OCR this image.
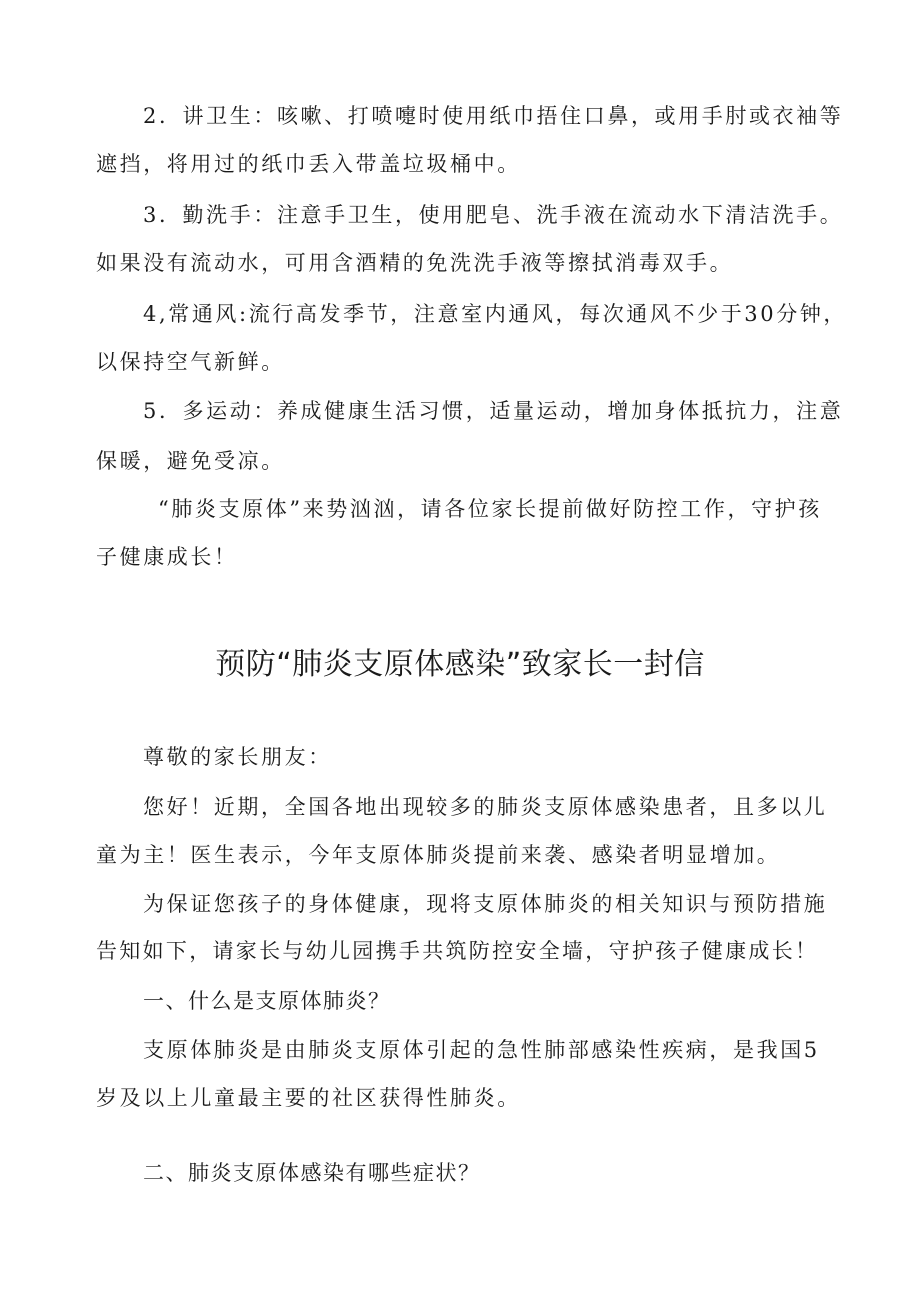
2．讲卫生：咳嗽、打喷嚏时使用纸巾捂住口鼻，或用手肘或衣袖等
遮挡，将用过的纸巾丢入带盖垃圾桶中。
3．勤洗手：注意手卫生，使用肥皂、洗手液在流动水下清洁洗手。
如果没有流动水，可用含酒精的免洗洗手液等擦拭消毒双手。
4,常通风:流行高发季节，注意室内通风，每次通风不少于30分钟，
以保持空气新鲜。
5．多运动：养成健康生活习惯，适量运动，增加身体抵抗力，注意
保暖，避免受凉。
“肺炎支原体”来势汹汹，请各位家长提前做好防控工作，守护孩
子健康成长！
预防“肺炎支原体感染”致家长一封信
尊敬的家长朋友：
您好！近期，全国各地出现较多的肺炎支原体感染患者，且多以儿
童为主！医生表示，今年支原体肺炎提前来袭、感染者明显增加。
为保证您孩子的身体健康，现将支原体肺炎的相关知识与预防措施
告知如下，请家长与幼儿园携手共筑防控安全墙，守护孩子健康成长！
一、什么是支原体肺炎？
支原体肺炎是由肺炎支原体引起的急性肺部感染性疾病，是我国5
岁及以上儿童最主要的社区获得性肺炎。
二、肺炎支原体感染有哪些症状？
